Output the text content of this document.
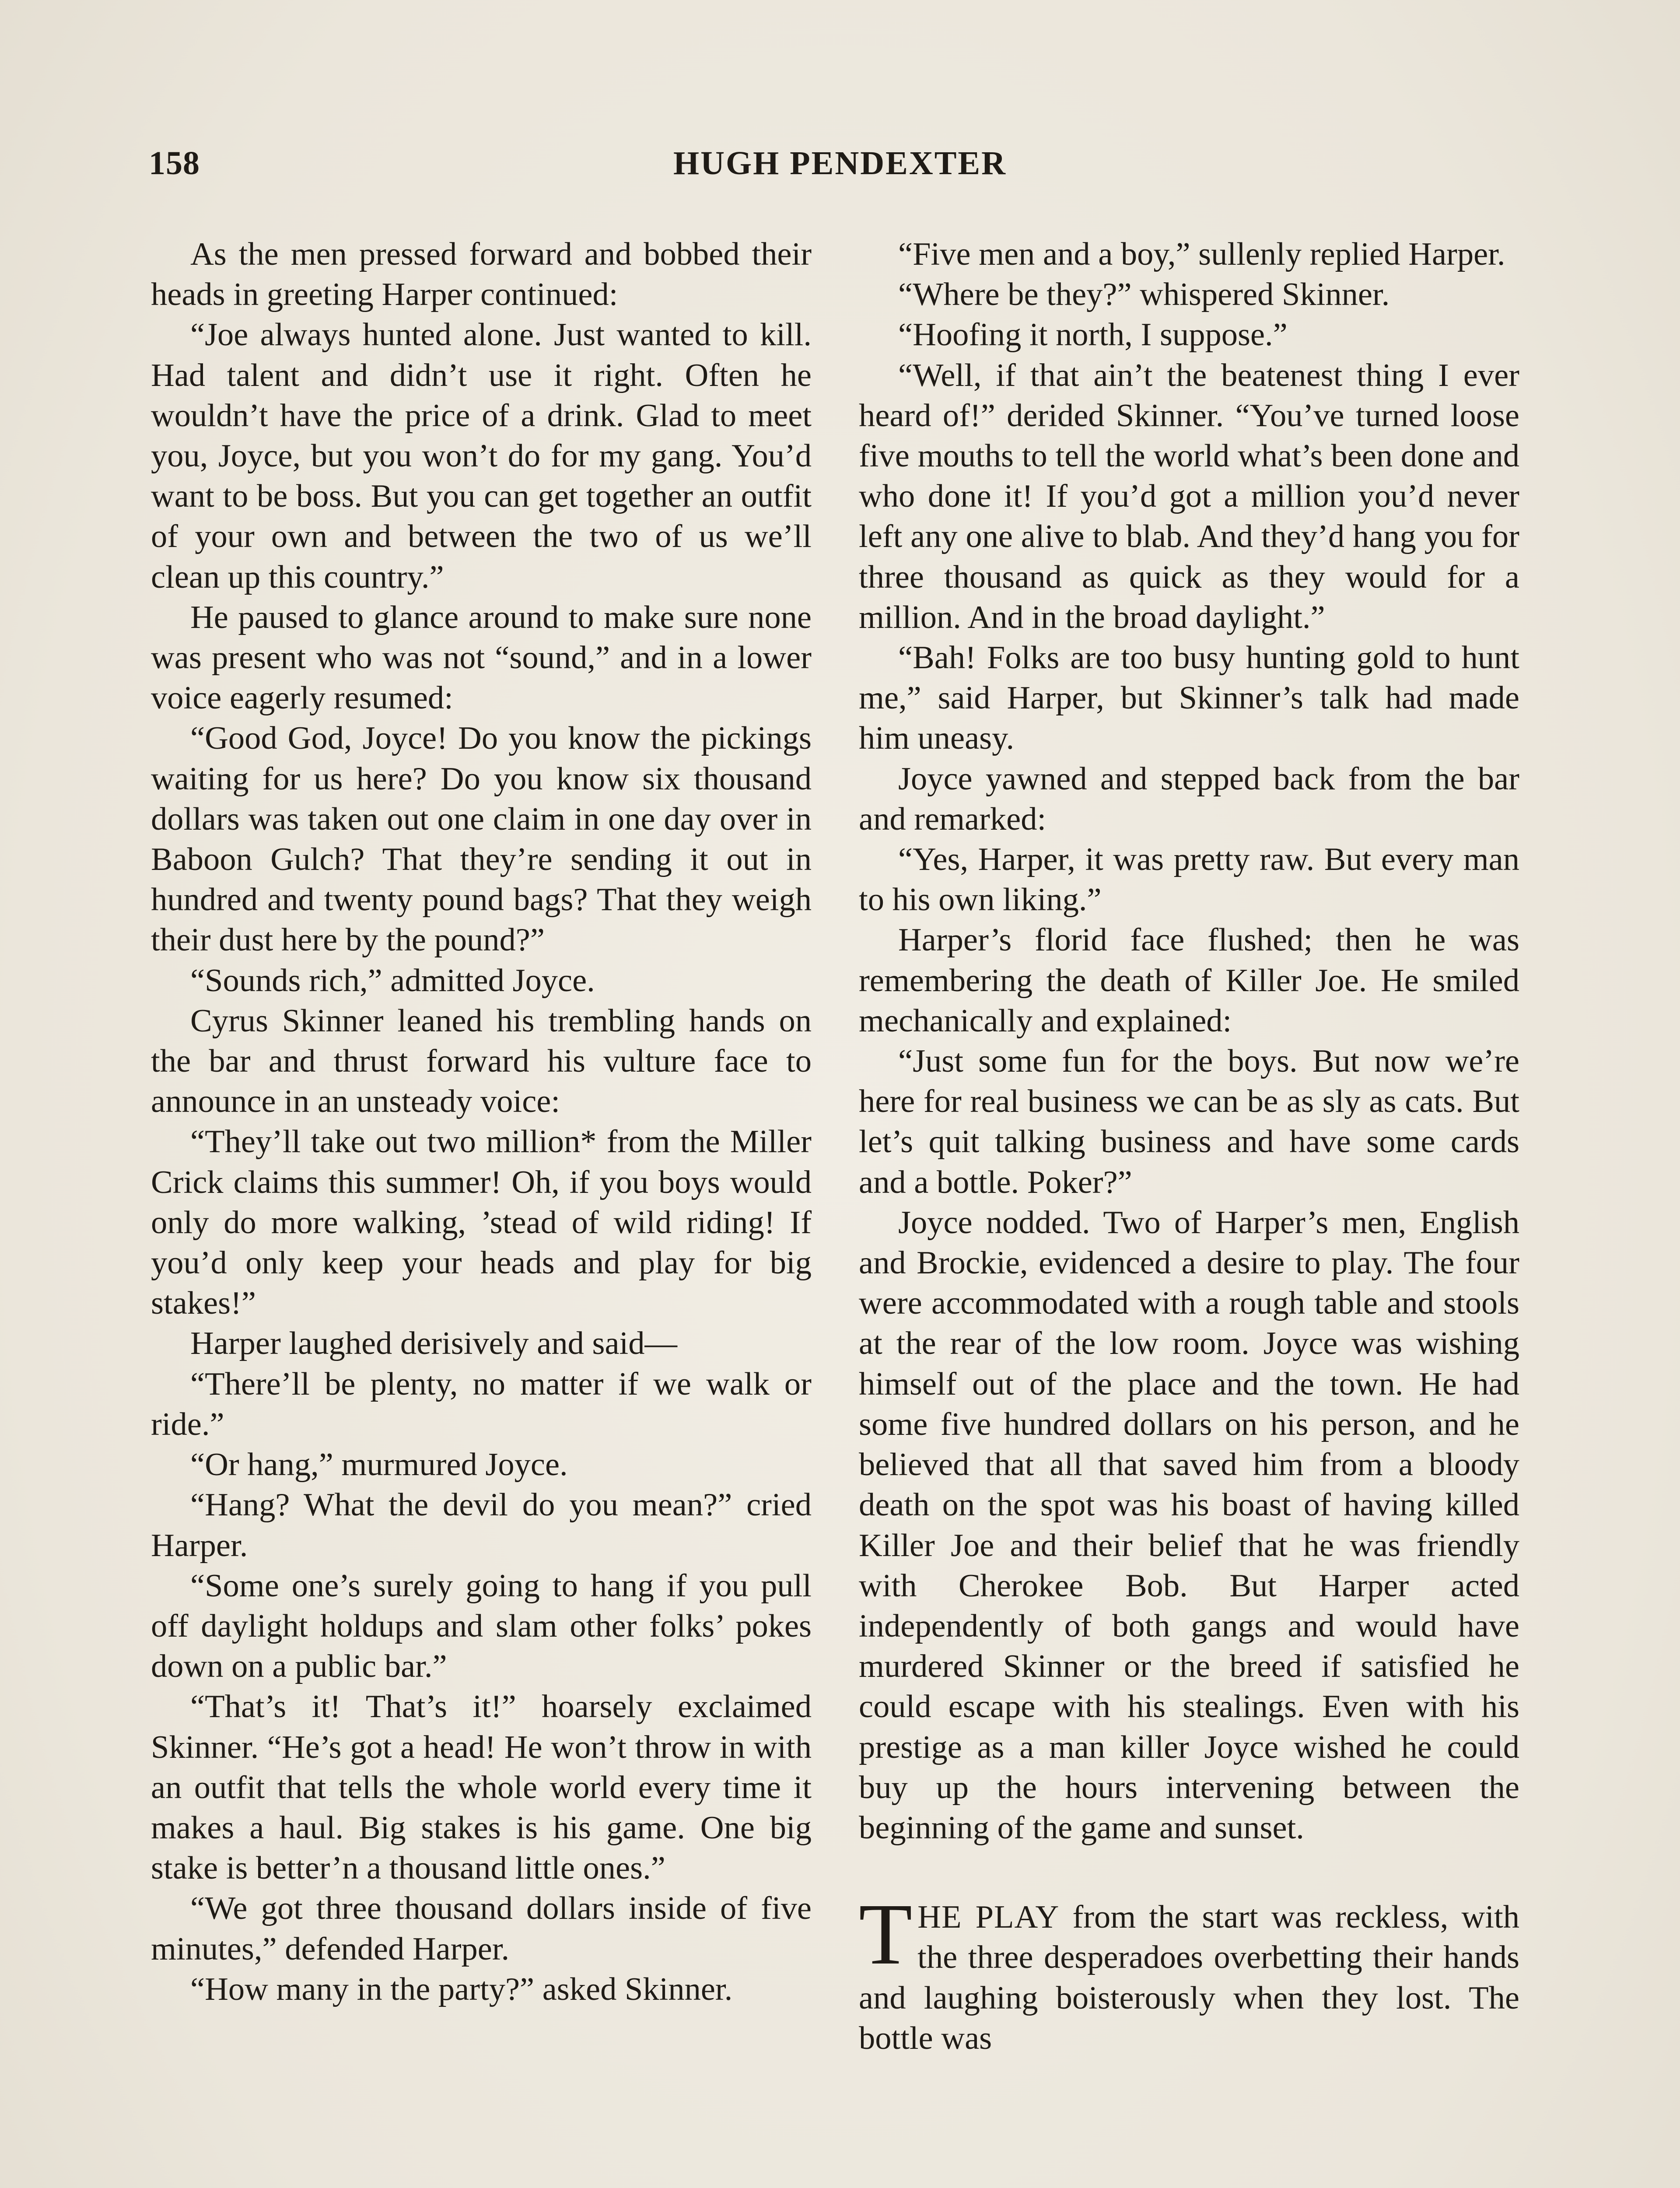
158	HUGH PENDEXTER

As the men pressed forward and bobbed their heads in greeting Harper continued:

“Joe always hunted alone. Just wanted to kill. Had talent and didn’t use it right. Often he wouldn’t have the price of a drink. Glad to meet you, Joyce, but you won’t do for my gang. You’d want to be boss. But you can get together an outfit of your own and between the two of us we’ll clean up this country.”

He paused to glance around to make sure none was present who was not “sound,” and in a lower voice eagerly resumed:

“Good God, Joyce! Do you know the pickings waiting for us here? Do you know six thousand dollars was taken out one claim in one day over in Baboon Gulch? That they’re sending it out in hundred and twenty pound bags? That they weigh their dust here by the pound?”

“Sounds rich,” admitted Joyce.

Cyrus Skinner leaned his trembling hands on the bar and thrust forward his vulture face to announce in an unsteady voice:

“They’ll take out two million* from the Miller Crick claims this summer! Oh, if you boys would only do more walking, ’stead of wild riding! If you’d only keep your heads and play for big stakes!”

Harper laughed derisively and said—

“There’ll be plenty, no matter if we walk or ride.”

“Or hang,” murmured Joyce.

“Hang? What the devil do you mean?” cried Harper.

“Some one’s surely going to hang if you pull off daylight holdups and slam other folks’ pokes down on a public bar.”

“That’s it! That’s it!” hoarsely exclaimed Skinner. “He’s got a head! He won’t throw in with an outfit that tells the whole world every time it makes a haul. Big stakes is his game. One big stake is better’n a thousand little ones.”

“We got three thousand dollars inside of five minutes,” defended Harper.

“How many in the party?” asked Skinner.

“Five men and a boy,” sullenly replied Harper.

“Where be they?” whispered Skinner.

“Hoofing it north, I suppose.”

“Well, if that ain’t the beatenest thing I ever heard of!” derided Skinner. “You’ve turned loose five mouths to tell the world what’s been done and who done it! If you’d got a million you’d never left any one alive to blab. And they’d hang you for three thousand as quick as they would for a million. And in the broad daylight.”

“Bah! Folks are too busy hunting gold to hunt me,” said Harper, but Skinner’s talk had made him uneasy.

Joyce yawned and stepped back from the bar and remarked:

“Yes, Harper, it was pretty raw. But every man to his own liking.”

Harper’s florid face flushed; then he was remembering the death of Killer Joe. He smiled mechanically and explained:

“Just some fun for the boys. But now we’re here for real business we can be as sly as cats. But let’s quit talking business and have some cards and a bottle. Poker?”

Joyce nodded. Two of Harper’s men, English and Brockie, evidenced a desire to play. The four were accommodated with a rough table and stools at the rear of the low room. Joyce was wishing himself out of the place and the town. He had some five hundred dollars on his person, and he believed that all that saved him from a bloody death on the spot was his boast of having killed Killer Joe and their belief that he was friendly with Cherokee Bob. But Harper acted independently of both gangs and would have murdered Skinner or the breed if satisfied he could escape with his stealings. Even with his prestige as a man killer Joyce wished he could buy up the hours intervening between the beginning of the game and sunset.

THE PLAY from the start was reckless, with the three desperadoes overbetting their hands and laughing boisterously when they lost. The bottle was
